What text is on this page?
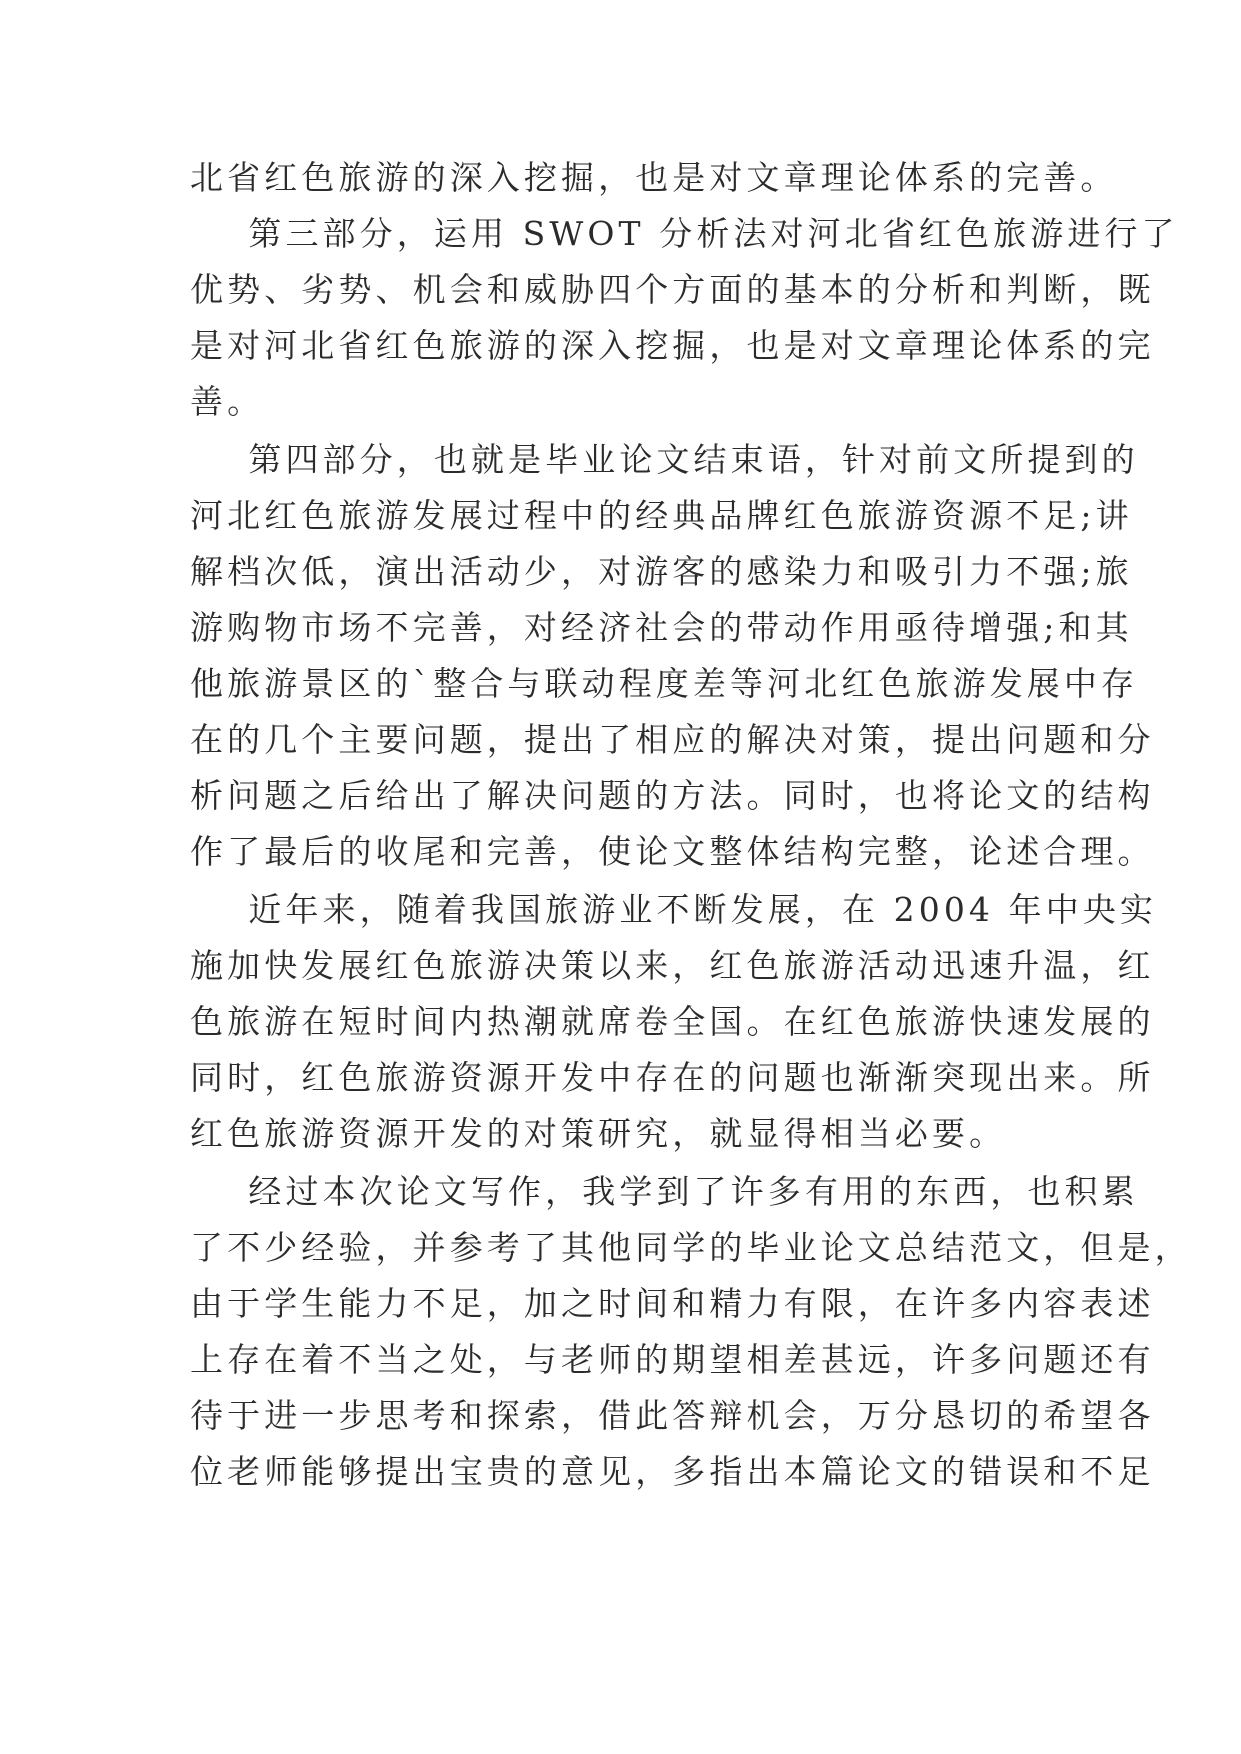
北省红色旅游的深入挖掘，也是对文章理论体系的完善。
第三部分，运用 SWOT 分析法对河北省红色旅游进行了
优势、劣势、机会和威胁四个方面的基本的分析和判断，既
是对河北省红色旅游的深入挖掘，也是对文章理论体系的完
善。
第四部分，也就是毕业论文结束语，针对前文所提到的
河北红色旅游发展过程中的经典品牌红色旅游资源不足;讲
解档次低，演出活动少，对游客的感染力和吸引力不强;旅
游购物市场不完善，对经济社会的带动作用亟待增强;和其
他旅游景区的`整合与联动程度差等河北红色旅游发展中存
在的几个主要问题，提出了相应的解决对策，提出问题和分
析问题之后给出了解决问题的方法。同时，也将论文的结构
作了最后的收尾和完善，使论文整体结构完整，论述合理。
近年来，随着我国旅游业不断发展，在 2004 年中央实
施加快发展红色旅游决策以来，红色旅游活动迅速升温，红
色旅游在短时间内热潮就席卷全国。在红色旅游快速发展的
同时，红色旅游资源开发中存在的问题也渐渐突现出来。所
红色旅游资源开发的对策研究，就显得相当必要。
经过本次论文写作，我学到了许多有用的东西，也积累
了不少经验，并参考了其他同学的毕业论文总结范文，但是，
由于学生能力不足，加之时间和精力有限，在许多内容表述
上存在着不当之处，与老师的期望相差甚远，许多问题还有
待于进一步思考和探索，借此答辩机会，万分恳切的希望各
位老师能够提出宝贵的意见，多指出本篇论文的错误和不足
